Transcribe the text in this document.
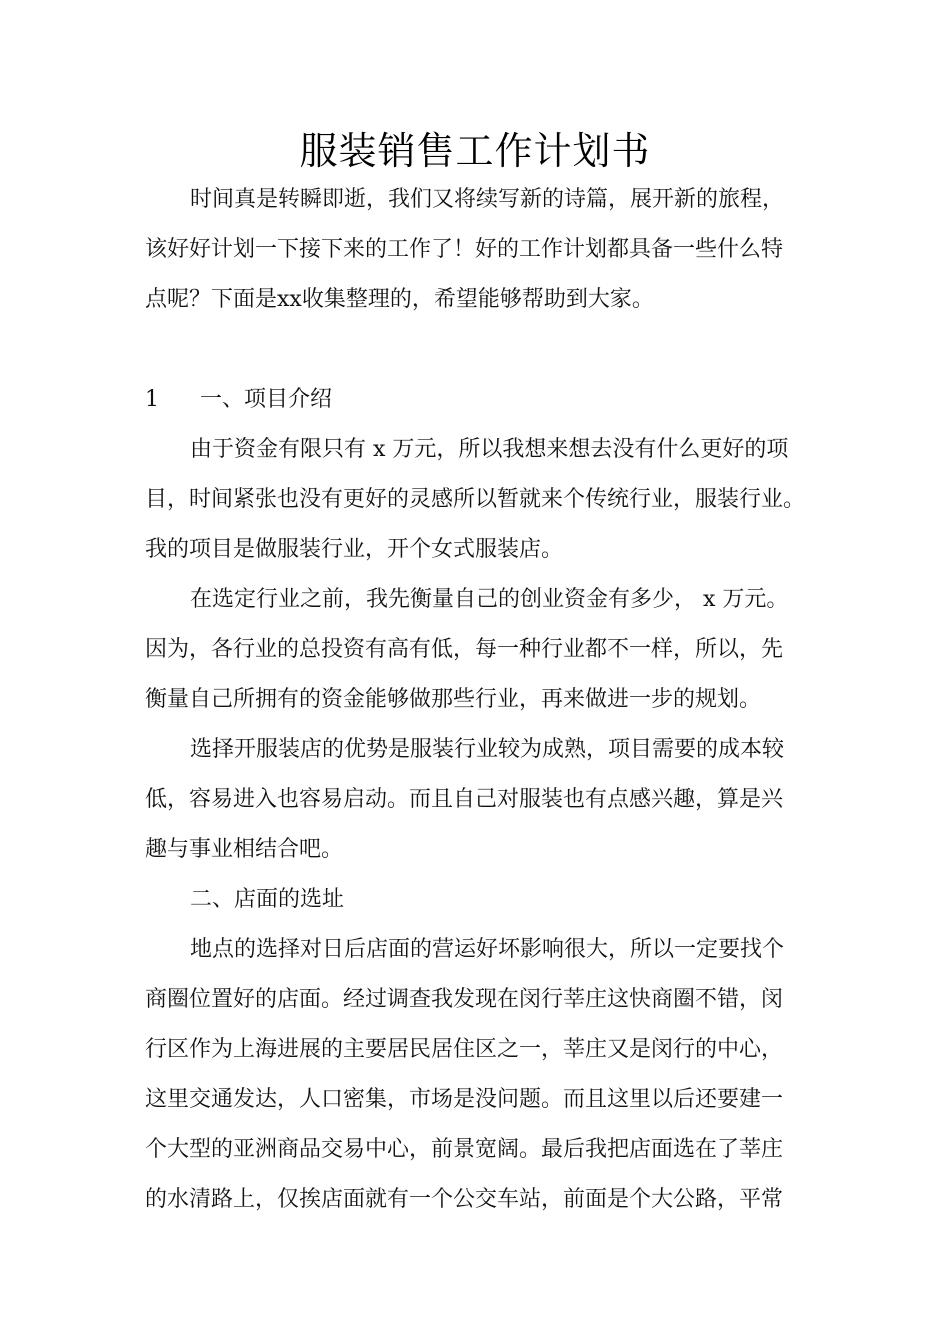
服装销售工作计划书
时间真是转瞬即逝，我们又将续写新的诗篇，展开新的旅程，
该好好计划一下接下来的工作了！好的工作计划都具备一些什么特
点呢？下面是xx收集整理的，希望能够帮助到大家。
1 一、项目介绍
由于资金有限只有 x 万元，所以我想来想去没有什么更好的项
目，时间紧张也没有更好的灵感所以暂就来个传统行业，服装行业。
我的项目是做服装行业，开个女式服装店。
在选定行业之前，我先衡量自己的创业资金有多少， x 万元。
因为，各行业的总投资有高有低，每一种行业都不一样，所以，先
衡量自己所拥有的资金能够做那些行业，再来做进一步的规划。
选择开服装店的优势是服装行业较为成熟，项目需要的成本较
低，容易进入也容易启动。而且自己对服装也有点感兴趣，算是兴
趣与事业相结合吧。
二、店面的选址
地点的选择对日后店面的营运好坏影响很大，所以一定要找个
商圈位置好的店面。经过调查我发现在闵行莘庄这快商圈不错，闵
行区作为上海进展的主要居民居住区之一，莘庄又是闵行的中心，
这里交通发达，人口密集，市场是没问题。而且这里以后还要建一
个大型的亚洲商品交易中心，前景宽阔。最后我把店面选在了莘庄
的水清路上，仅挨店面就有一个公交车站，前面是个大公路，平常
